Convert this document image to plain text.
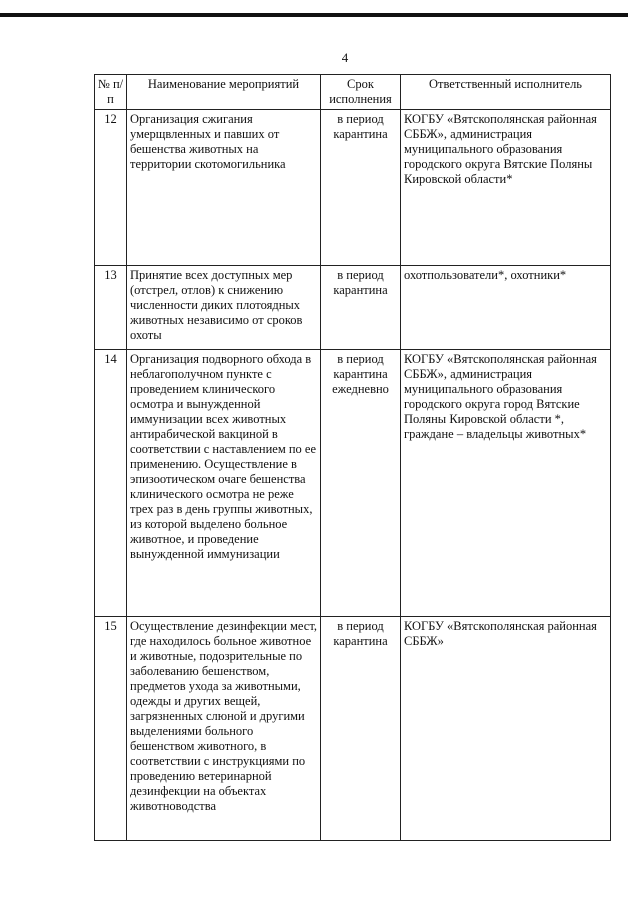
4
№ п/п	Наименование мероприятий	Срок исполнения	Ответственный исполнитель
12	Организация сжигания умерщвленных и павших от бешенства животных на территории скотомогильника	в период карантина	КОГБУ «Вятскополянская районная СББЖ», администрация муниципального образования городского округа Вятские Поляны Кировской области*
13	Принятие всех доступных мер (отстрел, отлов) к снижению численности диких плотоядных животных независимо от сроков охоты	в период карантина	охотпользователи*, охотники*
14	Организация подворного обхода в неблагополучном пункте с проведением клинического осмотра и вынужденной иммунизации всех животных антирабической вакциной в соответствии с наставлением по ее применению. Осуществление в эпизоотическом очаге бешенства клинического осмотра не реже трех раз в день группы животных, из которой выделено больное животное, и проведение вынужденной иммунизации	в период карантина ежедневно	КОГБУ «Вятскополянская районная СББЖ», администрация муниципального образования городского округа город Вятские Поляны Кировской области *, граждане – владельцы животных*
15	Осуществление дезинфекции мест, где находилось больное животное и животные, подозрительные по заболеванию бешенством, предметов ухода за животными, одежды и других вещей, загрязненных слюной и другими выделениями больного бешенством животного, в соответствии с инструкциями по проведению ветеринарной дезинфекции на объектах животноводства	в период карантина	КОГБУ «Вятскополянская районная СББЖ»
